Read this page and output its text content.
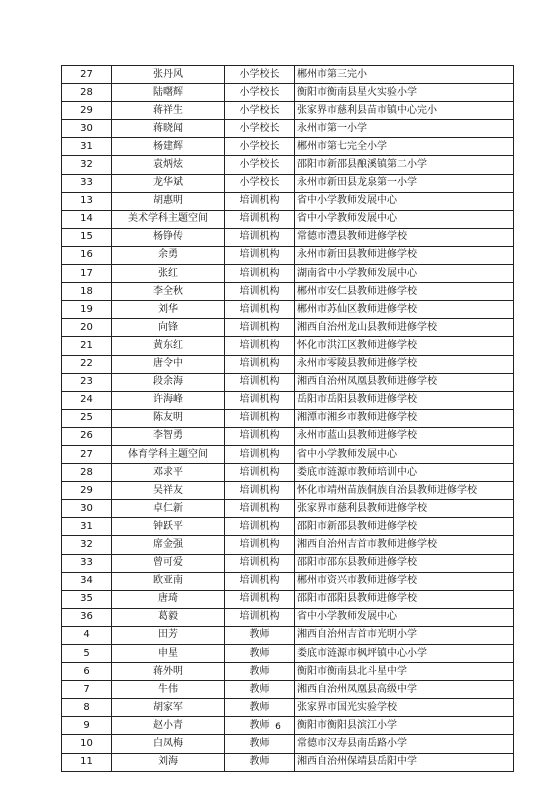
27	张丹风	小学校长	郴州市第三完小
28	陆曙辉	小学校长	衡阳市衡南县星火实验小学
29	蒋祥生	小学校长	张家界市慈利县苗市镇中心完小
30	蒋晓闻	小学校长	永州市第一小学
31	杨建辉	小学校长	郴州市第七完全小学
32	袁炳炫	小学校长	邵阳市新邵县酿溪镇第二小学
33	龙华斌	小学校长	永州市新田县龙泉第一小学
13	胡惠明	培训机构	省中小学教师发展中心
14	美术学科主题空间	培训机构	省中小学教师发展中心
15	杨铮传	培训机构	常德市澧县教师进修学校
16	余勇	培训机构	永州市新田县教师进修学校
17	张红	培训机构	湖南省中小学教师发展中心
18	李全秋	培训机构	郴州市安仁县教师进修学校
19	刘华	培训机构	郴州市苏仙区教师进修学校
20	向锋	培训机构	湘西自治州龙山县教师进修学校
21	黄东红	培训机构	怀化市洪江区教师进修学校
22	唐令中	培训机构	永州市零陵县教师进修学校
23	段余海	培训机构	湘西自治州凤凰县教师进修学校
24	许海峰	培训机构	岳阳市岳阳县教师进修学校
25	陈友明	培训机构	湘潭市湘乡市教师进修学校
26	李智勇	培训机构	永州市蓝山县教师进修学校
27	体育学科主题空间	培训机构	省中小学教师发展中心
28	邓求平	培训机构	娄底市涟源市教师培训中心
29	吴祥友	培训机构	怀化市靖州苗族侗族自治县教师进修学校
30	卓仁新	培训机构	张家界市慈利县教师进修学校
31	钟跃平	培训机构	邵阳市新邵县教师进修学校
32	席金强	培训机构	湘西自治州吉首市教师进修学校
33	曾可爱	培训机构	邵阳市邵东县教师进修学校
34	欧亚南	培训机构	郴州市资兴市教师进修学校
35	唐琦	培训机构	邵阳市邵阳县教师进修学校
36	葛毅	培训机构	省中小学教师发展中心
4	田芳	教师	湘西自治州吉首市光明小学
5	申星	教师	娄底市涟源市枫坪镇中心小学
6	蒋外明	教师	衡阳市衡南县北斗星中学
7	牛伟	教师	湘西自治州凤凰县高级中学
8	胡家军	教师	张家界市国光实验学校
9	赵小青	教师	衡阳市衡阳县滨江小学
10	白凤梅	教师	常德市汉寿县南岳路小学
11	刘海	教师	湘西自治州保靖县岳阳中学
6
